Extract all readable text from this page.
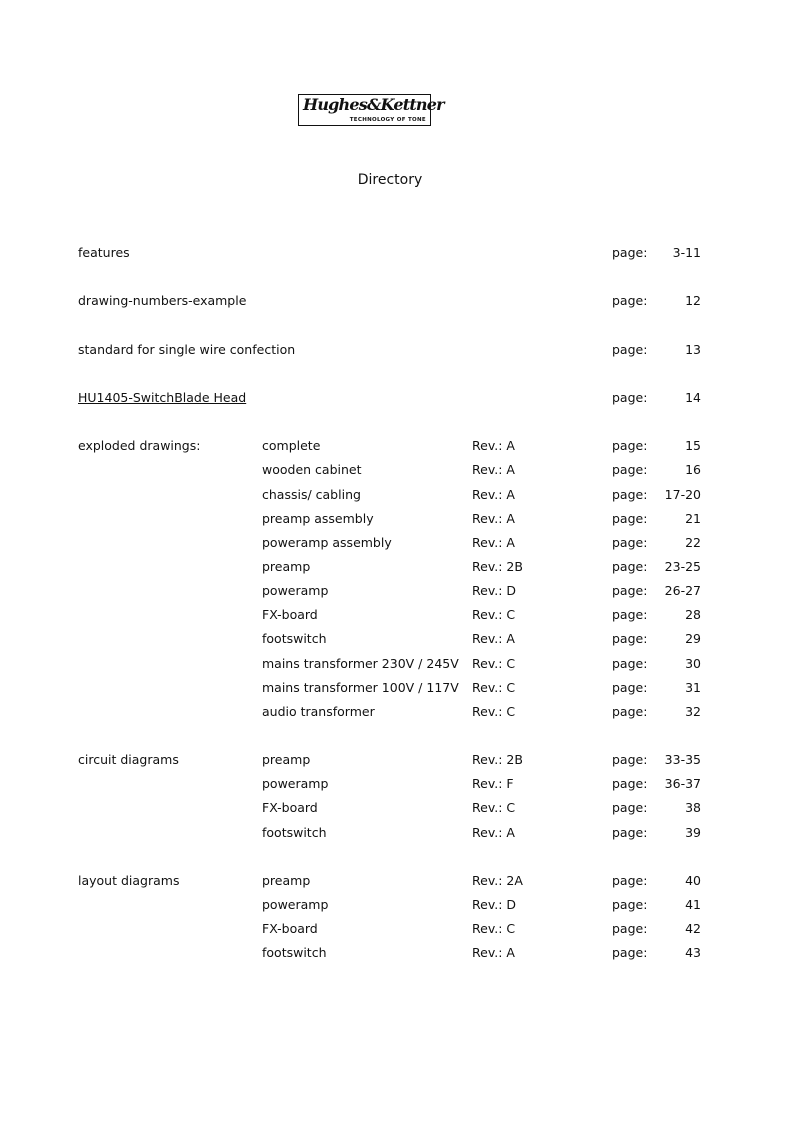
Hughes&Kettner
TECHNOLOGY OF TONE
Directory
features	page:	3-11
drawing-numbers-example	page:	12
standard for single wire confection	page:	13
HU1405-SwitchBlade Head	page:	14
exploded drawings:	complete	Rev.: A	page:	15
wooden cabinet	Rev.: A	page:	16
chassis/ cabling	Rev.: A	page:	17-20
preamp assembly	Rev.: A	page:	21
poweramp assembly	Rev.: A	page:	22
preamp	Rev.: 2B	page:	23-25
poweramp	Rev.: D	page:	26-27
FX-board	Rev.: C	page:	28
footswitch	Rev.: A	page:	29
mains transformer 230V / 245V Rev.: C	page:	30
mains transformer 100V / 117V Rev.: C	page:	31
audio transformer	Rev.: C	page:	32
circuit diagrams	preamp	Rev.: 2B	page:	33-35
poweramp	Rev.: F	page:	36-37
FX-board	Rev.: C	page:	38
footswitch	Rev.: A	page:	39
layout diagrams	preamp	Rev.: 2A	page:	40
poweramp	Rev.: D	page:	41
FX-board	Rev.: C	page:	42
footswitch	Rev.: A	page:	43
